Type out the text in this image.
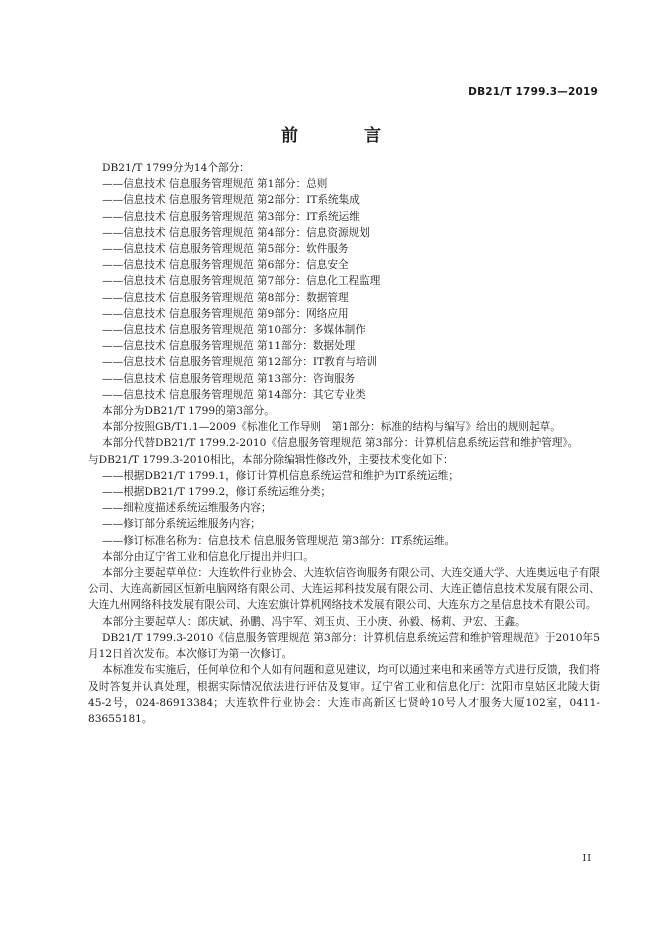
DB21/T 1799.3—2019
前 言
DB21/T 1799分为14个部分：
——信息技术 信息服务管理规范 第1部分：总则
——信息技术 信息服务管理规范 第2部分：IT系统集成
——信息技术 信息服务管理规范 第3部分：IT系统运维
——信息技术 信息服务管理规范 第4部分：信息资源规划
——信息技术 信息服务管理规范 第5部分：软件服务
——信息技术 信息服务管理规范 第6部分：信息安全
——信息技术 信息服务管理规范 第7部分：信息化工程监理
——信息技术 信息服务管理规范 第8部分：数据管理
——信息技术 信息服务管理规范 第9部分：网络应用
——信息技术 信息服务管理规范 第10部分：多媒体制作
——信息技术 信息服务管理规范 第11部分：数据处理
——信息技术 信息服务管理规范 第12部分：IT教育与培训
——信息技术 信息服务管理规范 第13部分：咨询服务
——信息技术 信息服务管理规范 第14部分：其它专业类
本部分为DB21/T 1799的第3部分。
本部分按照GB/T1.1—2009《标准化工作导则　第1部分：标准的结构与编写》给出的规则起草。
本部分代替DB21/T 1799.2-2010《信息服务管理规范 第3部分：计算机信息系统运营和维护管理》。
与DB21/T 1799.3-2010相比，本部分除编辑性修改外，主要技术变化如下：
——根据DB21/T 1799.1，修订计算机信息系统运营和维护为IT系统运维；
——根据DB21/T 1799.2，修订系统运维分类；
——细粒度描述系统运维服务内容；
——修订部分系统运维服务内容；
——修订标准名称为：信息技术 信息服务管理规范 第3部分：IT系统运维。
本部分由辽宁省工业和信息化厅提出并归口。
本部分主要起草单位：大连软件行业协会、大连软信咨询服务有限公司、大连交通大学、大连奥远电子有限公司、大连高新园区恒新电脑网络有限公司、大连运邦科技发展有限公司、大连正德信息技术发展有限公司、大连九州网络科技发展有限公司、大连宏旗计算机网络技术发展有限公司、大连东方之星信息技术有限公司。
本部分主要起草人：郎庆斌、孙鹏、冯宇军、刘玉贞、王小庚、孙毅、杨莉、尹宏、王鑫。
DB21/T 1799.3-2010《信息服务管理规范 第3部分：计算机信息系统运营和维护管理规范》于2010年5月12日首次发布。本次修订为第一次修订。
本标准发布实施后，任何单位和个人如有问题和意见建议，均可以通过来电和来函等方式进行反馈，我们将及时答复并认真处理，根据实际情况依法进行评估及复审。辽宁省工业和信息化厅：沈阳市皇姑区北陵大街45-2号，024-86913384；大连软件行业协会：大连市高新区七贤岭10号人才服务大厦102室，0411-83655181。
II
